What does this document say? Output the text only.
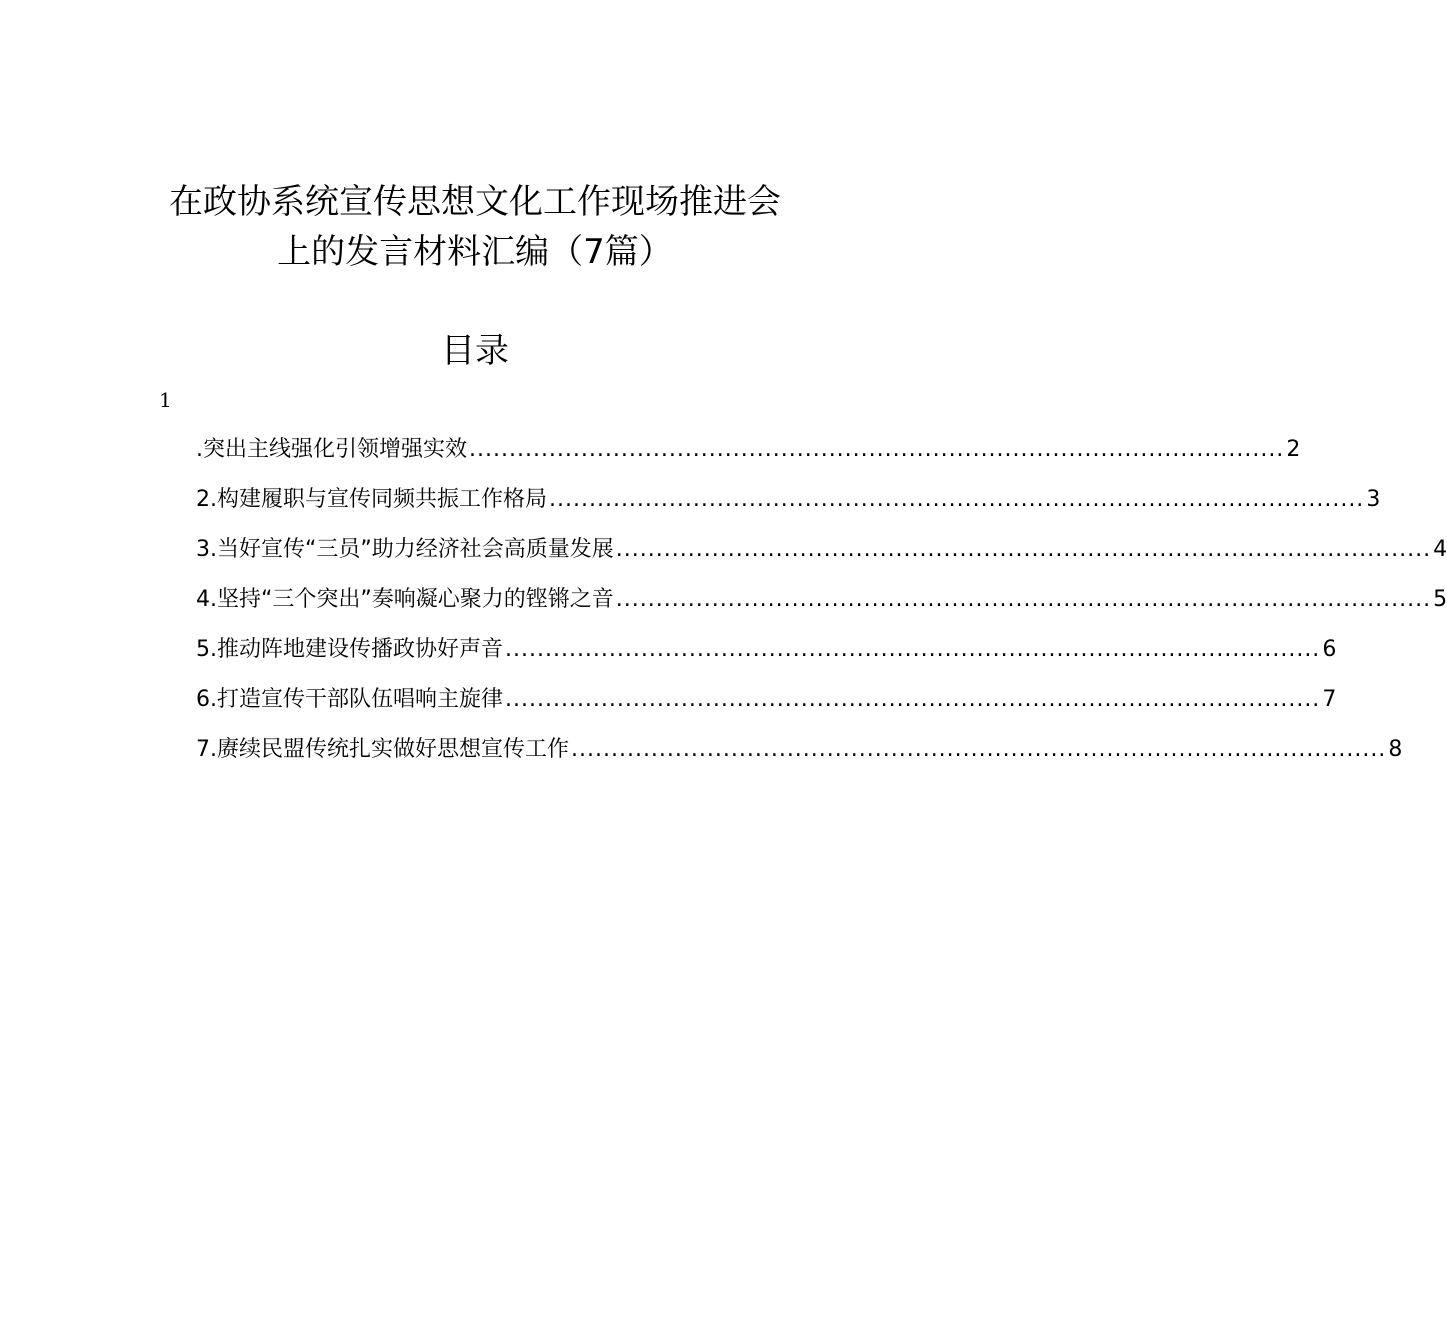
在政协系统宣传思想文化工作现场推进会
上的发言材料汇编（7篇）
目录
1
.突出主线强化引领增强实效 ...................................................................................................... 2
2.构建履职与宣传同频共振工作格局 ...................................................................................................... 3
3.当好宣传“三员”助力经济社会高质量发展 ...................................................................................................... 4
4.坚持“三个突出”奏响凝心聚力的铿锵之音 ...................................................................................................... 5
5.推动阵地建设传播政协好声音 ...................................................................................................... 6
6.打造宣传干部队伍唱响主旋律 ...................................................................................................... 7
7.赓续民盟传统扎实做好思想宣传工作 ...................................................................................................... 8
